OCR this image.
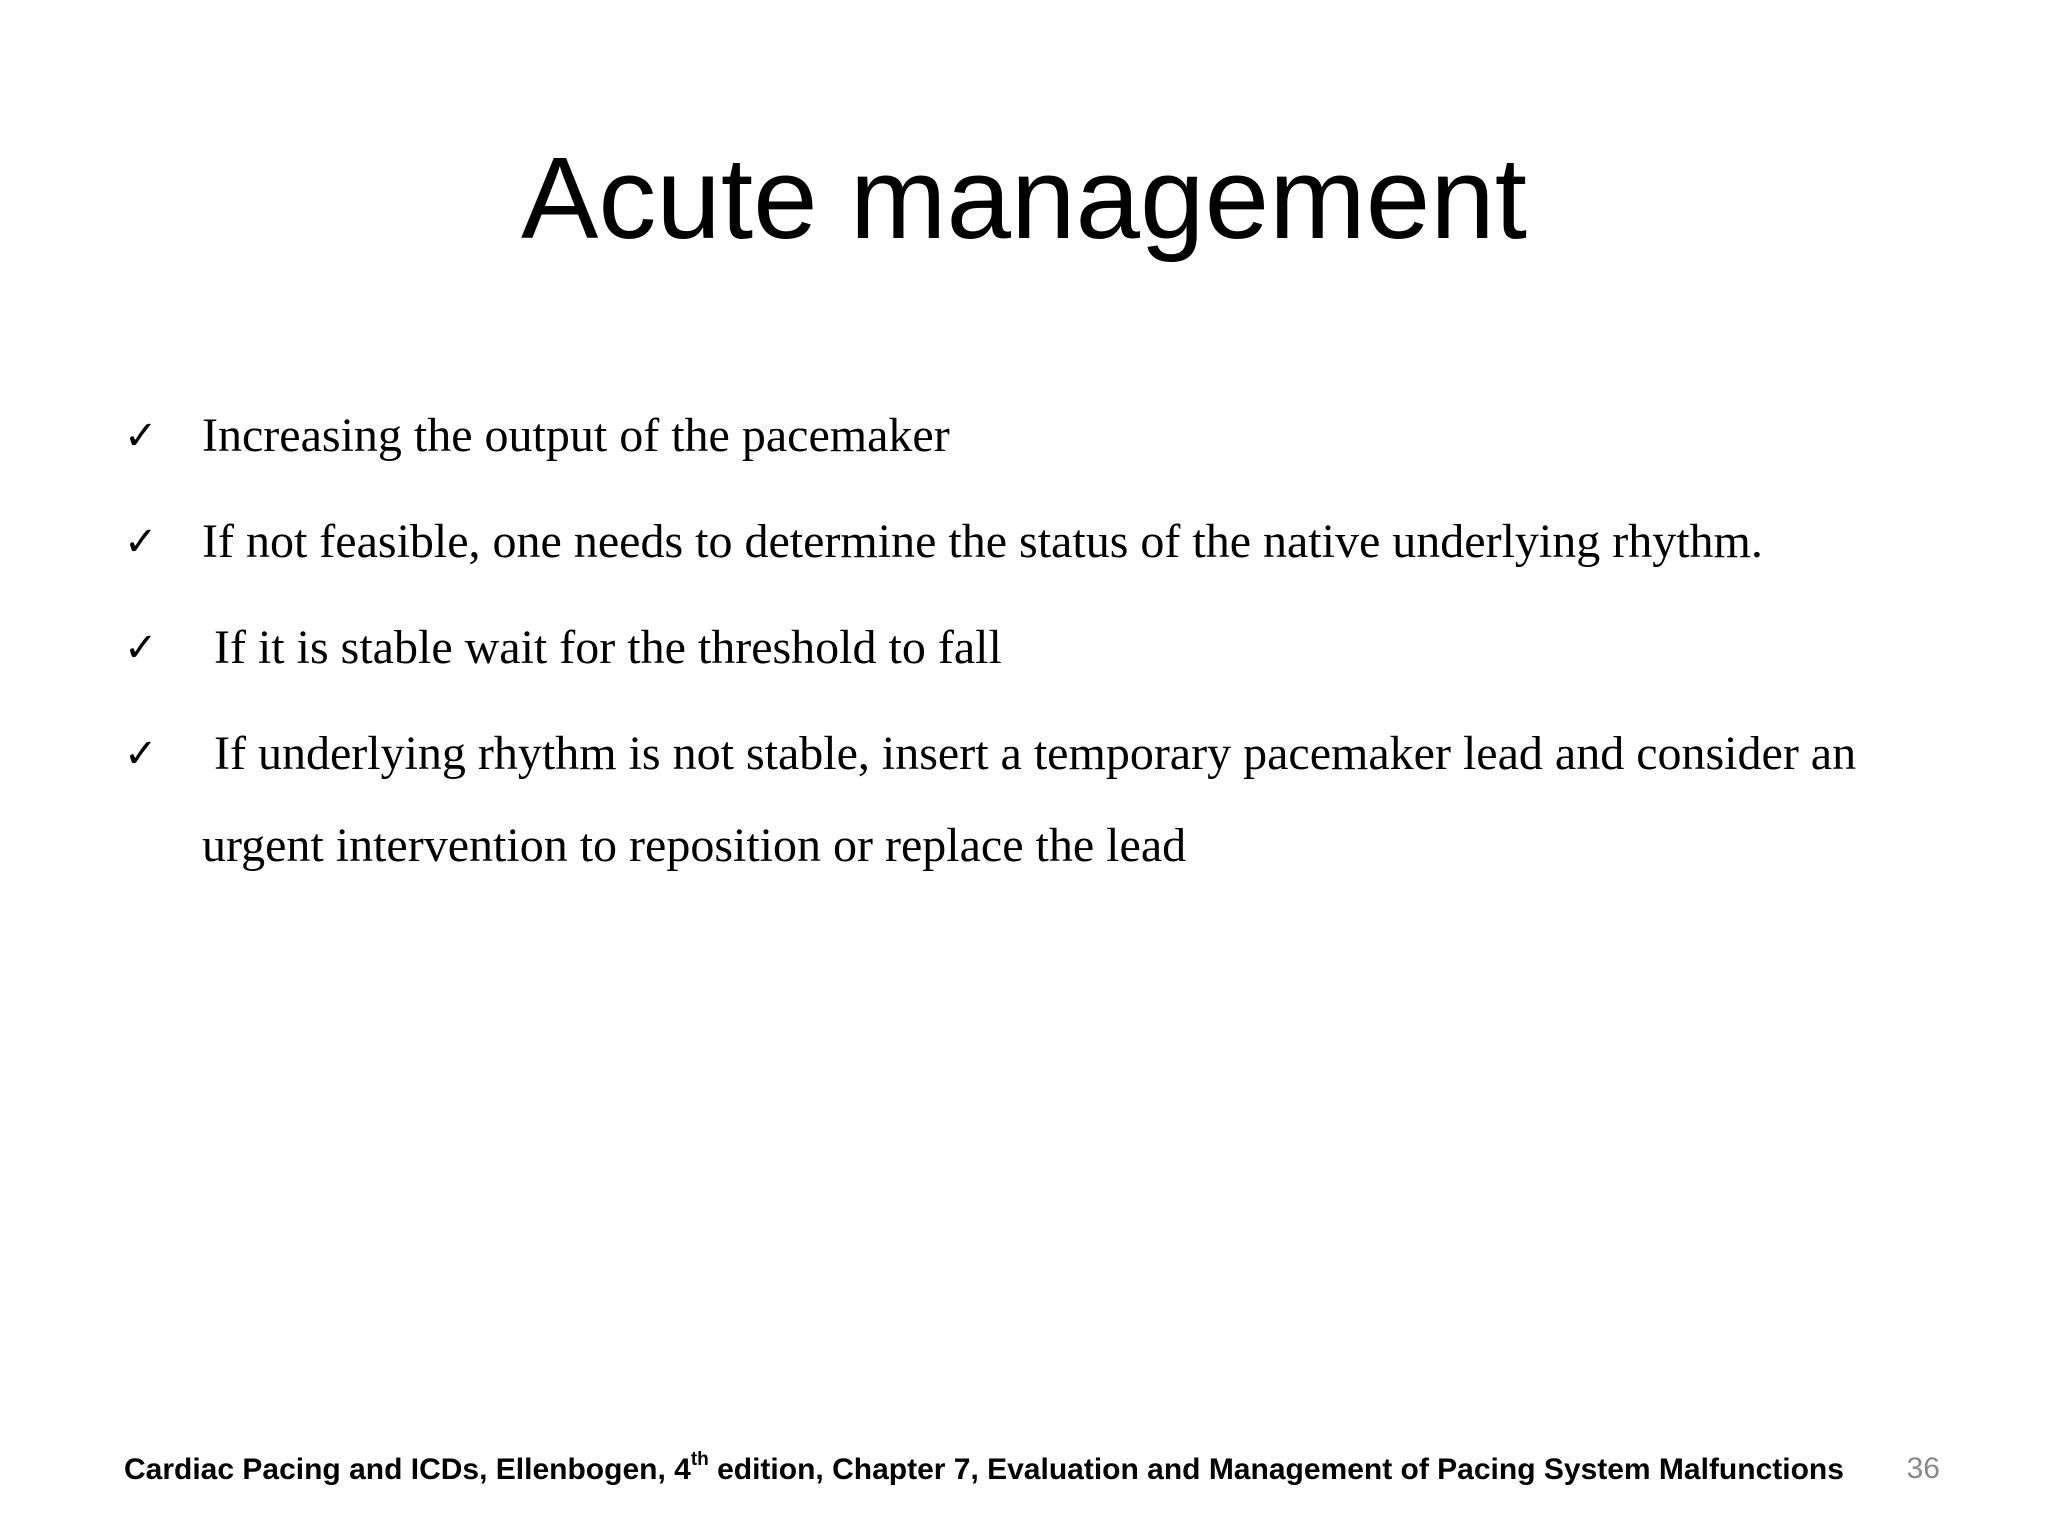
Acute management
✓ Increasing the output of the pacemaker
✓ If not feasible, one needs to determine the status of the native underlying rhythm.
✓ If it is stable wait for the threshold to fall
✓ If underlying rhythm is not stable, insert a temporary pacemaker lead and consider an urgent intervention to reposition or replace the lead
Cardiac Pacing and ICDs, Ellenbogen, 4th edition, Chapter 7, Evaluation and Management of Pacing System Malfunctions	36
